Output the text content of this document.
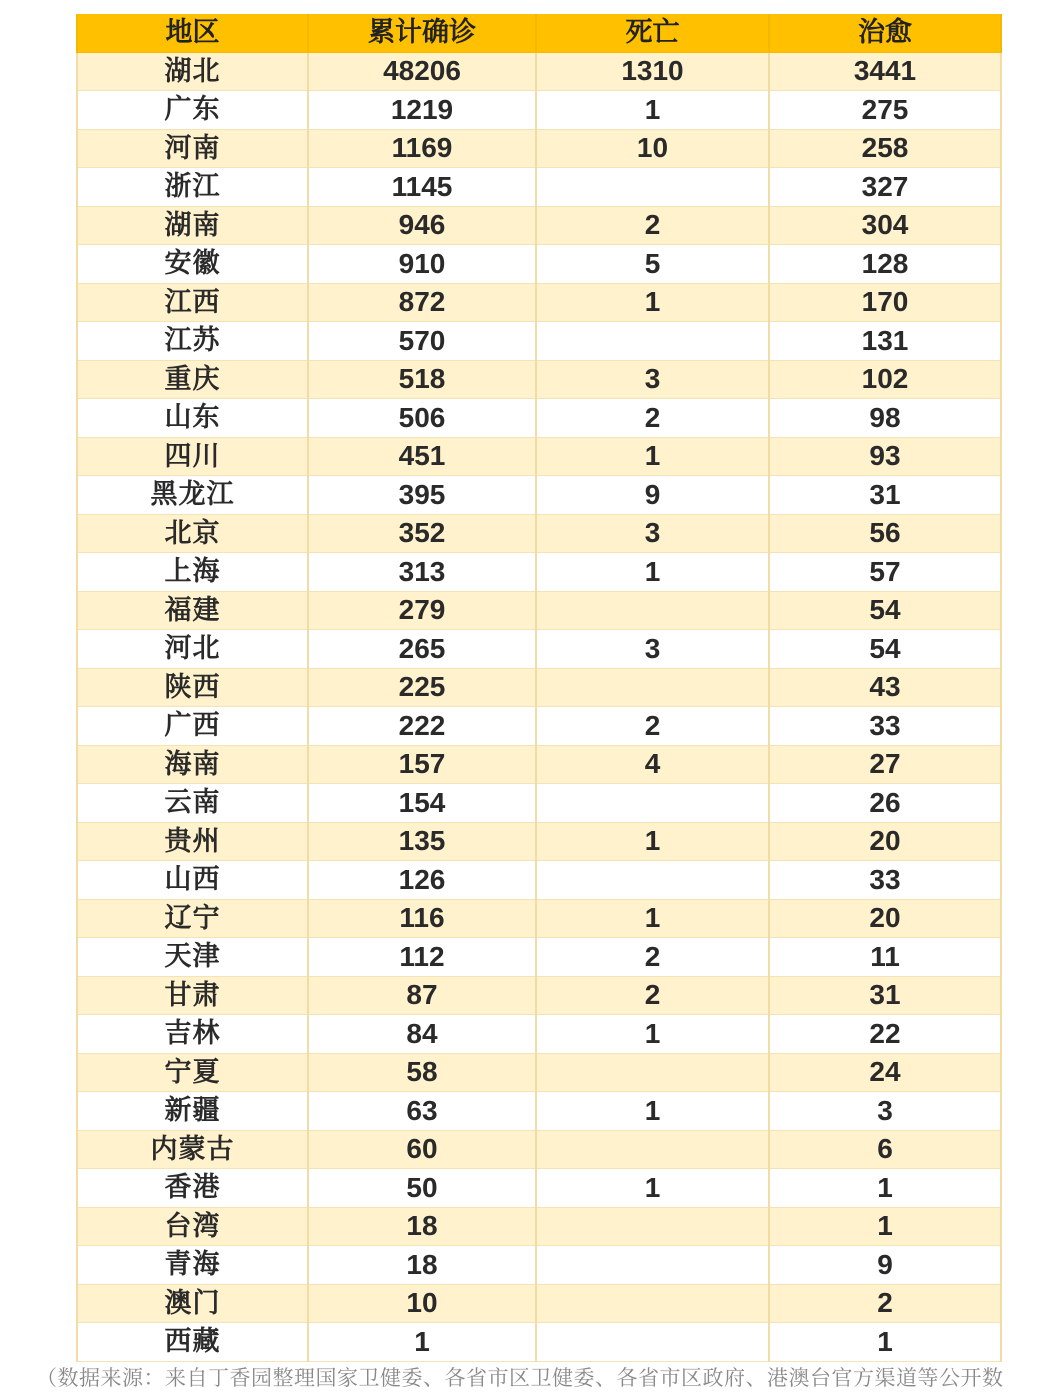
地区	累计确诊	死亡	治愈
湖北	48206	1310	3441
广东	1219	1	275
河南	1169	10	258
浙江	1145		327
湖南	946	2	304
安徽	910	5	128
江西	872	1	170
江苏	570		131
重庆	518	3	102
山东	506	2	98
四川	451	1	93
黑龙江	395	9	31
北京	352	3	56
上海	313	1	57
福建	279		54
河北	265	3	54
陕西	225		43
广西	222	2	33
海南	157	4	27
云南	154		26
贵州	135	1	20
山西	126		33
辽宁	116	1	20
天津	112	2	11
甘肃	87	2	31
吉林	84	1	22
宁夏	58		24
新疆	63	1	3
内蒙古	60		6
香港	50	1	1
台湾	18		1
青海	18		9
澳门	10		2
西藏	1		1
（数据来源：来自丁香园整理国家卫健委、各省市区卫健委、各省市区政府、港澳台官方渠道等公开数
